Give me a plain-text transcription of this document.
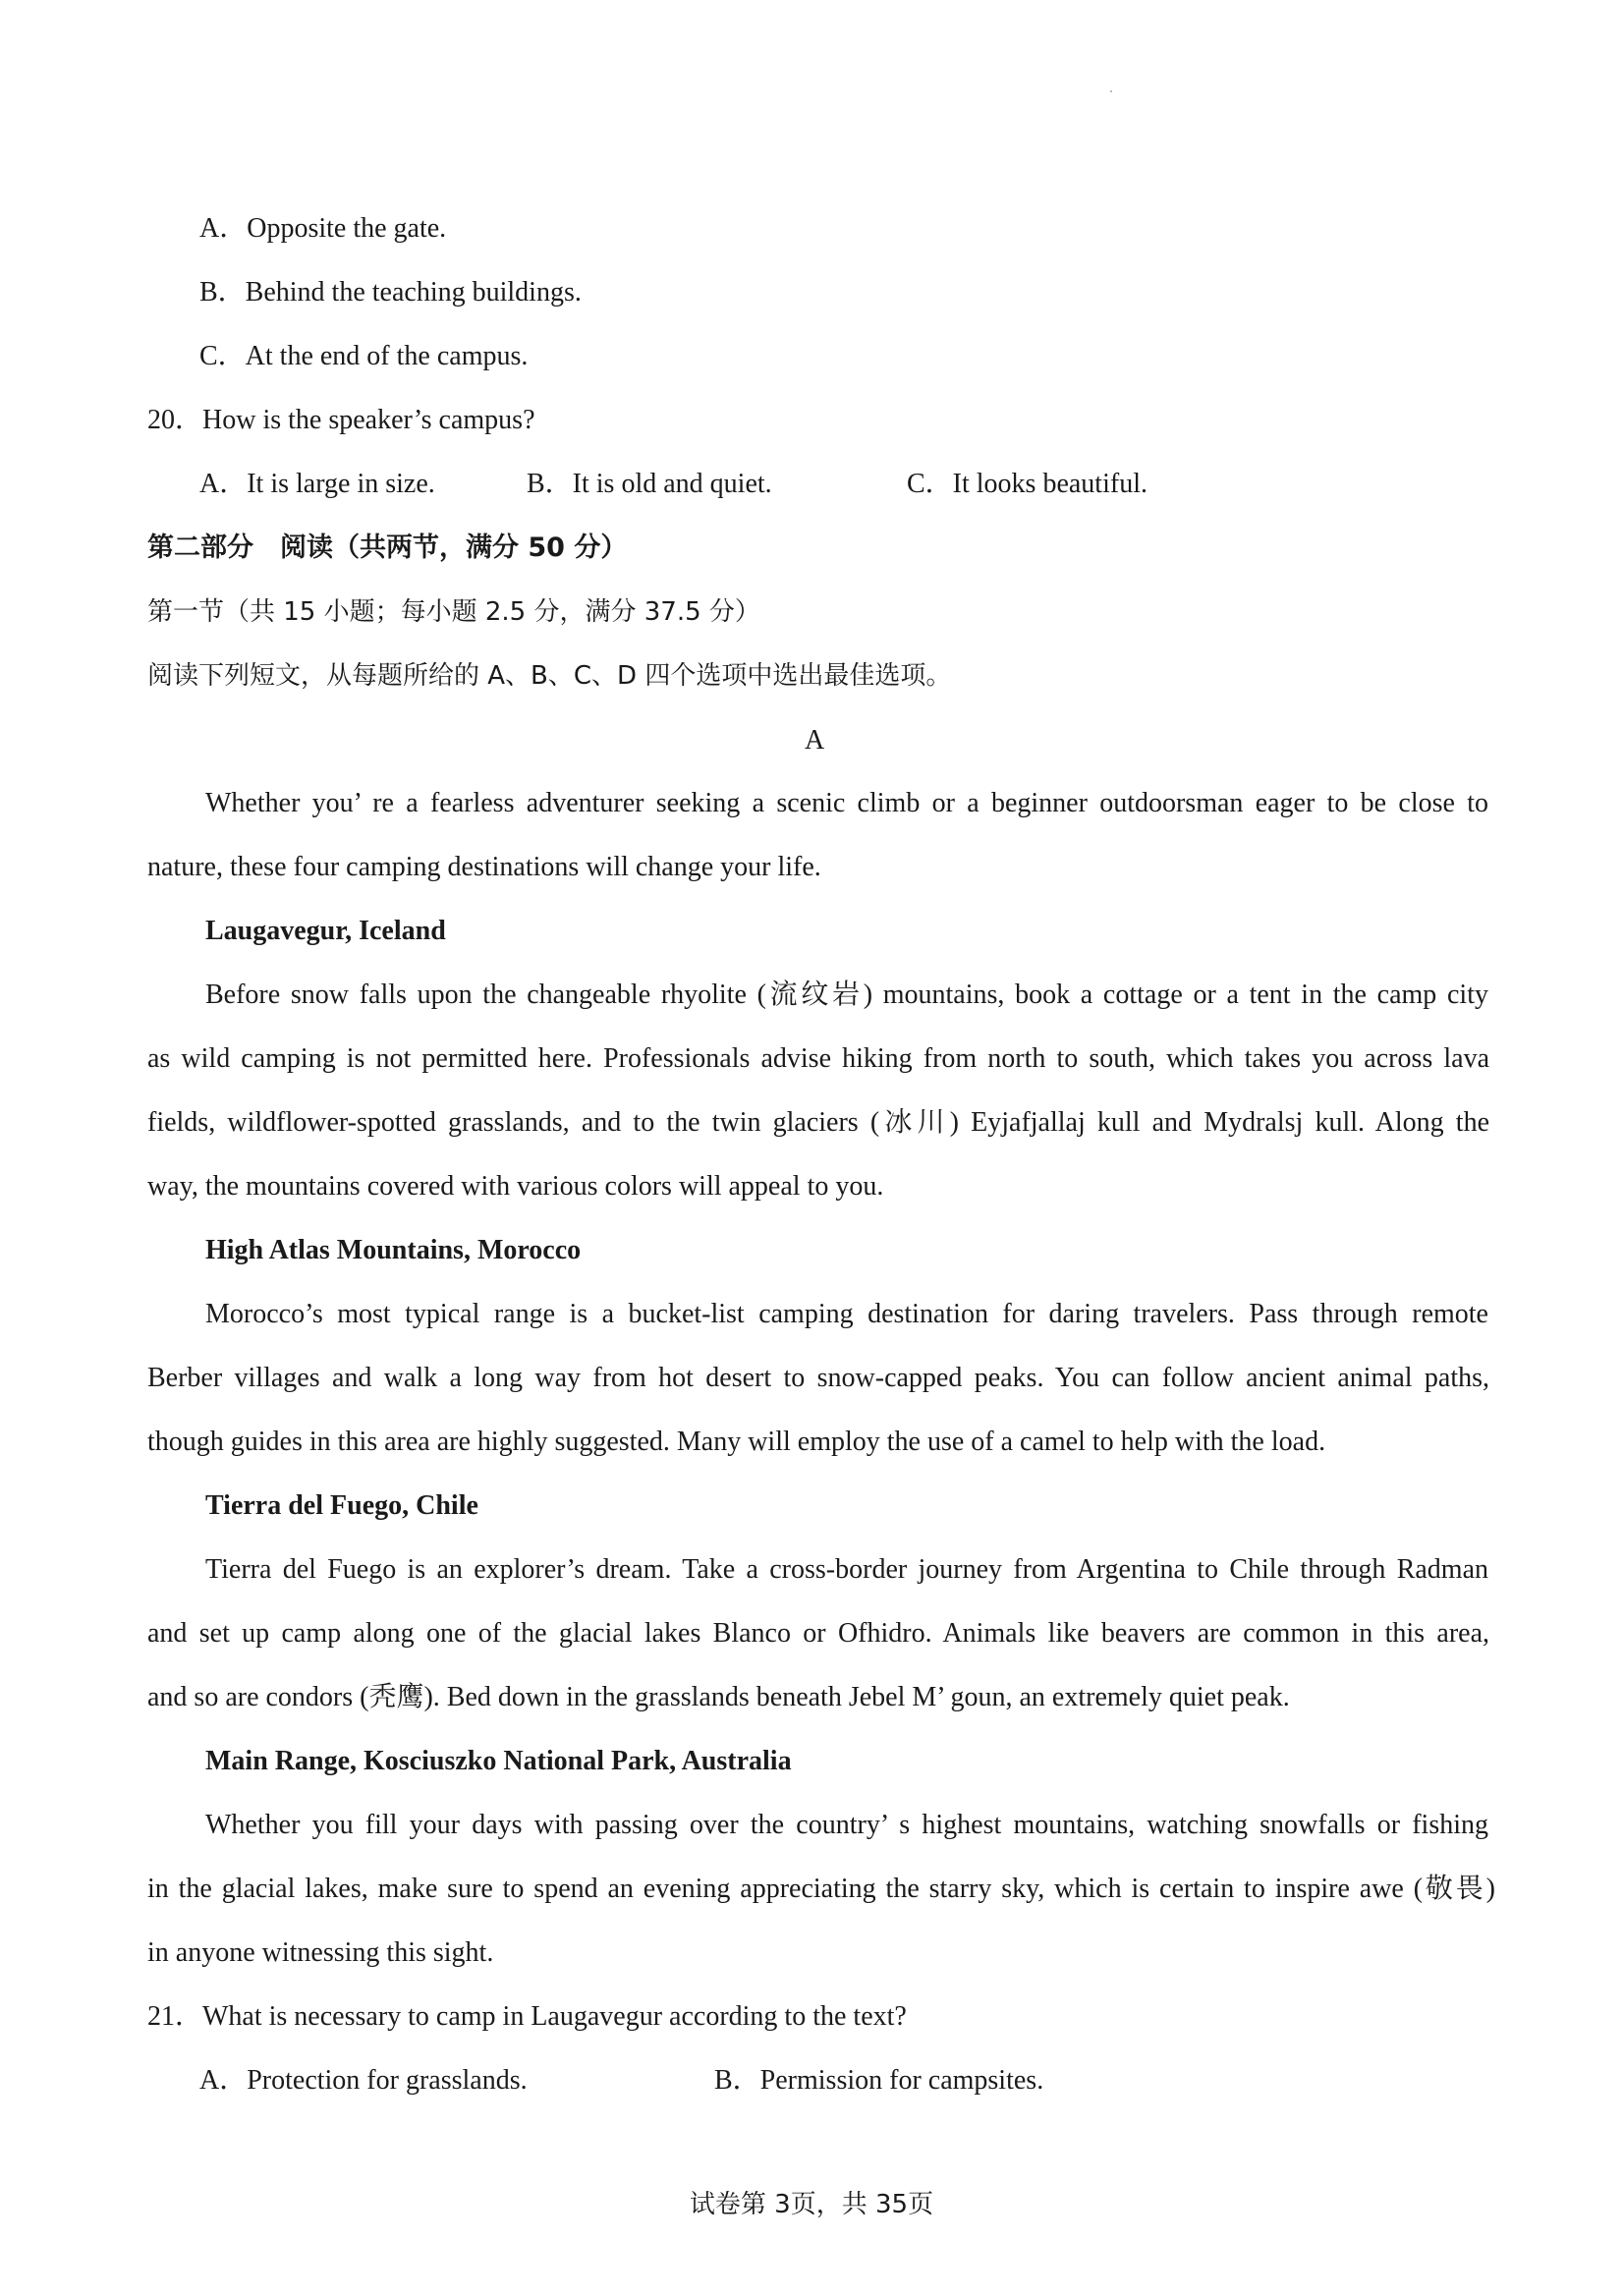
A．Opposite the gate.
B．Behind the teaching buildings.
C．At the end of the campus.
20．How is the speaker’s campus?
A．It is large in size.	B．It is old and quiet.	C．It looks beautiful.
第二部分　阅读（共两节，满分 50 分）
第一节（共 15 小题；每小题 2.5 分，满分 37.5 分）
阅读下列短文，从每题所给的 A、B、C、D 四个选项中选出最佳选项。
A
Whether you’ re a fearless adventurer seeking a scenic climb or a beginner outdoorsman eager to be close to
nature, these four camping destinations will change your life.
Laugavegur, Iceland
Before snow falls upon the changeable rhyolite (流纹岩) mountains, book a cottage or a tent in the camp city
as wild camping is not permitted here. Professionals advise hiking from north to south, which takes you across lava
fields, wildflower-spotted grasslands, and to the twin glaciers (冰川) Eyjafjallaj kull and Mydralsj kull. Along the
way, the mountains covered with various colors will appeal to you.
High Atlas Mountains, Morocco
Morocco’s most typical range is a bucket-list camping destination for daring travelers. Pass through remote
Berber villages and walk a long way from hot desert to snow-capped peaks. You can follow ancient animal paths,
though guides in this area are highly suggested. Many will employ the use of a camel to help with the load.
Tierra del Fuego, Chile
Tierra del Fuego is an explorer’s dream. Take a cross-border journey from Argentina to Chile through Radman
and set up camp along one of the glacial lakes Blanco or Ofhidro. Animals like beavers are common in this area,
and so are condors (秃鹰). Bed down in the grasslands beneath Jebel M’ goun, an extremely quiet peak.
Main Range, Kosciuszko National Park, Australia
Whether you fill your days with passing over the country’ s highest mountains, watching snowfalls or fishing
in the glacial lakes, make sure to spend an evening appreciating the starry sky, which is certain to inspire awe (敬畏)
in anyone witnessing this sight.
21．What is necessary to camp in Laugavegur according to the text?
A．Protection for grasslands.	B．Permission for campsites.
试卷第 3页，共 35页
